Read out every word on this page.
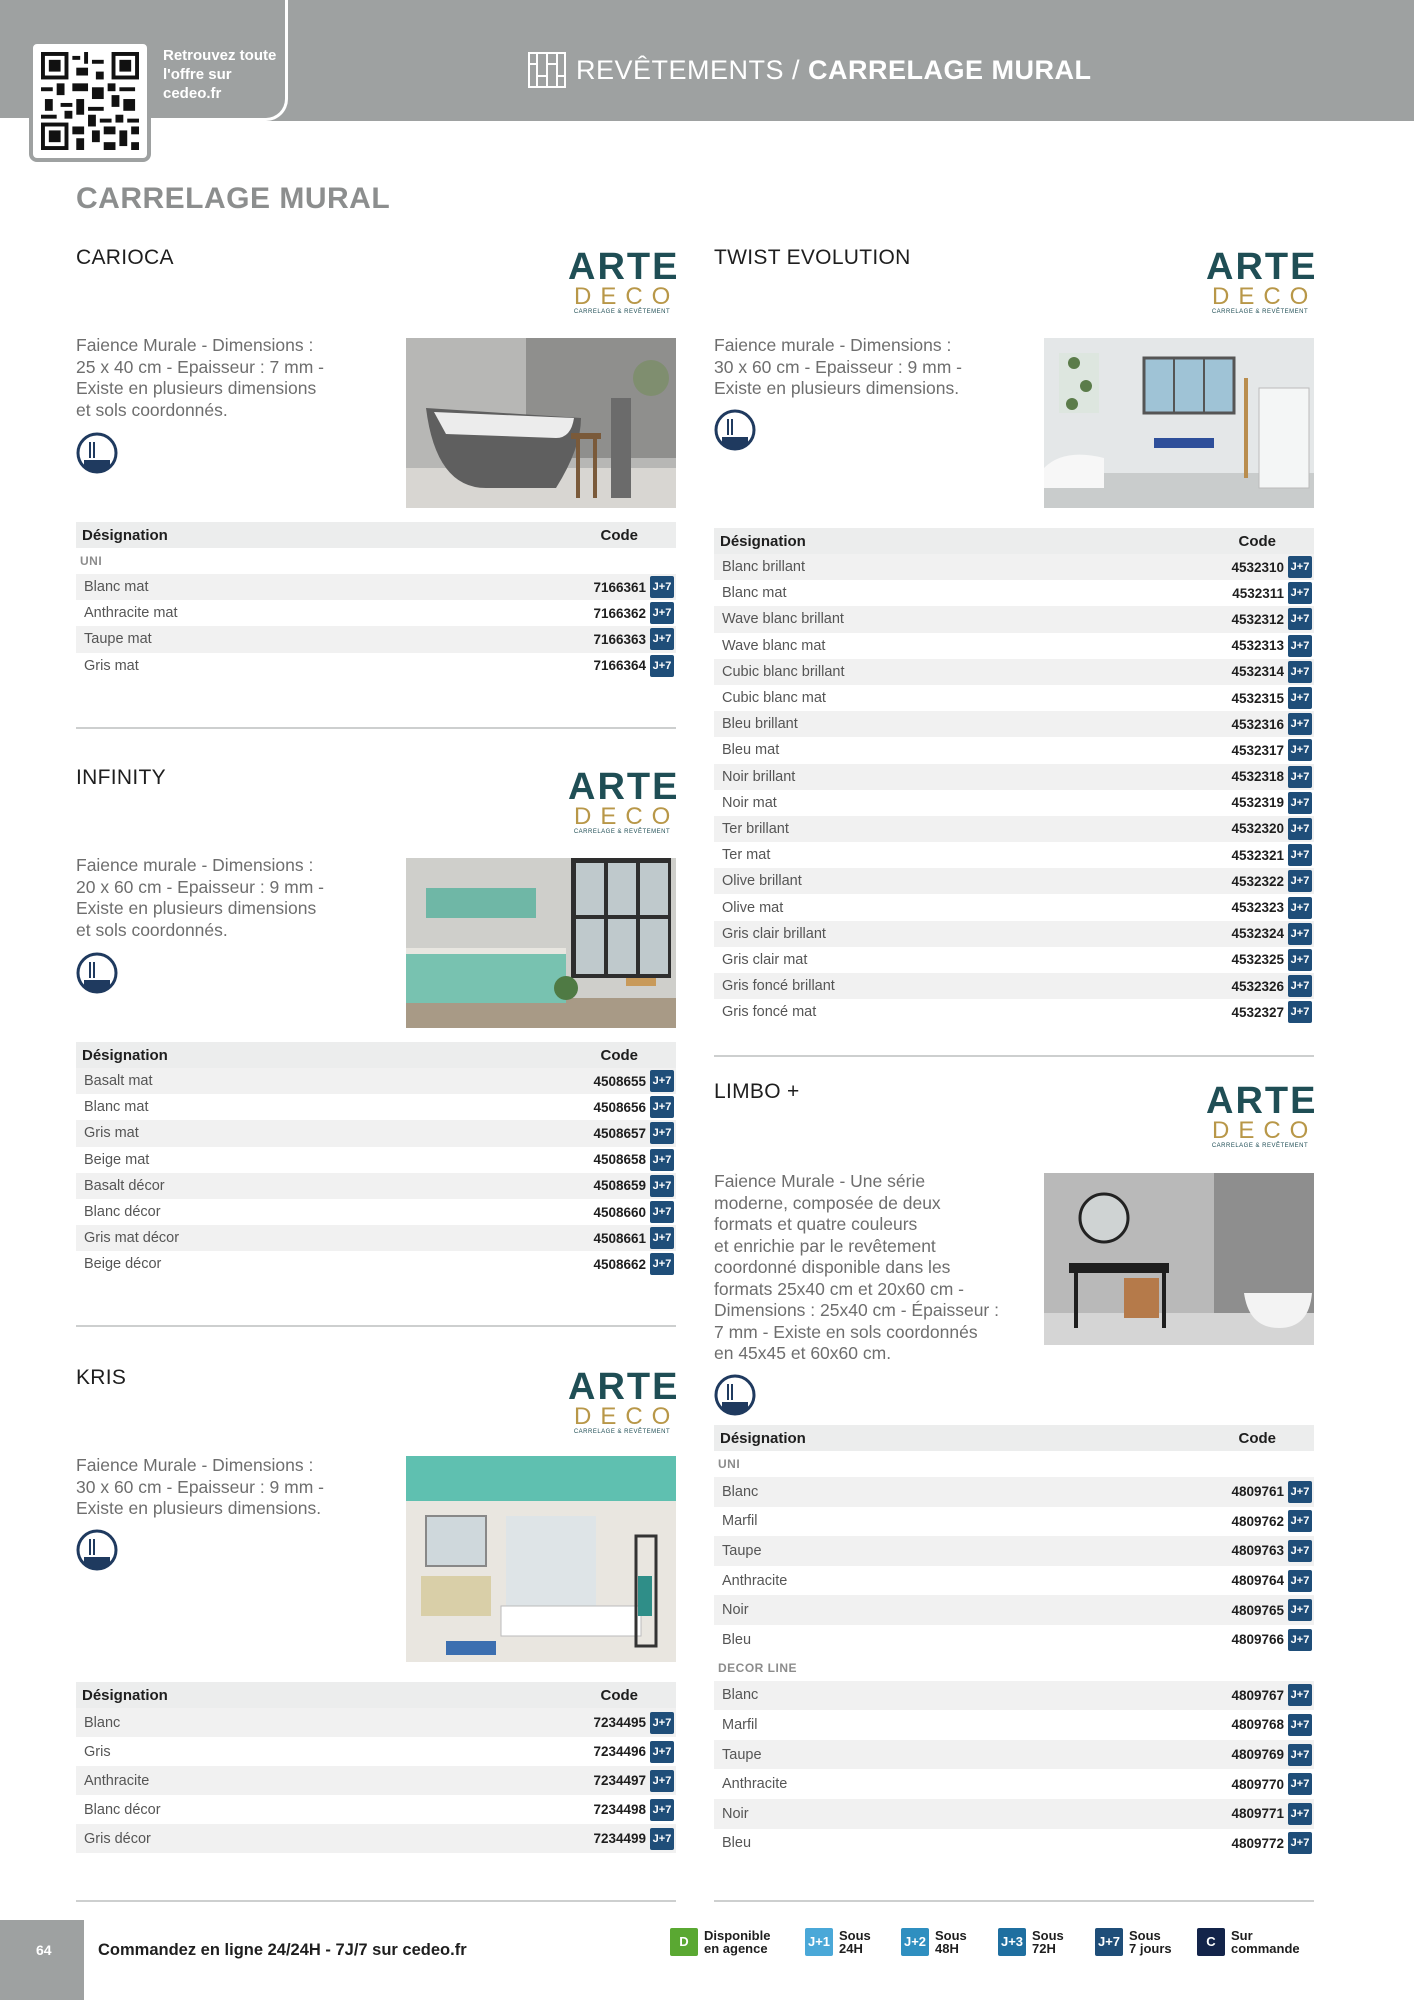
Retrouvez toute l'offre sur cedeo.fr
REVÊTEMENTS / CARRELAGE MURAL
CARRELAGE MURAL
CARIOCA	ARTE
DECO
CARRELAGE & REVÊTEMENT
Faience Murale - Dimensions :
25 x 40 cm - Epaisseur : 7 mm -
Existe en plusieurs dimensions
et sols coordonnés.
Désignation	Code	
UNI		
Blanc mat	7166361	J+7
Anthracite mat	7166362	J+7
Taupe mat	7166363	J+7
Gris mat	7166364	J+7
INFINITY	ARTE
DECO
CARRELAGE & REVÊTEMENT
Faience murale - Dimensions :
20 x 60 cm - Epaisseur : 9 mm -
Existe en plusieurs dimensions
et sols coordonnés.
Désignation	Code	
Basalt mat	4508655	J+7
Blanc mat	4508656	J+7
Gris mat	4508657	J+7
Beige mat	4508658	J+7
Basalt décor	4508659	J+7
Blanc décor	4508660	J+7
Gris mat décor	4508661	J+7
Beige décor	4508662	J+7
KRIS	ARTE
DECO
CARRELAGE & REVÊTEMENT
Faience Murale - Dimensions :
30 x 60 cm - Epaisseur : 9 mm -
Existe en plusieurs dimensions.
Désignation	Code	
Blanc	7234495	J+7
Gris	7234496	J+7
Anthracite	7234497	J+7
Blanc décor	7234498	J+7
Gris décor	7234499	J+7
TWIST EVOLUTION	ARTE
DECO
CARRELAGE & REVÊTEMENT
Faience murale - Dimensions :
30 x 60 cm - Epaisseur : 9 mm -
Existe en plusieurs dimensions.
Désignation	Code	
Blanc brillant	4532310	J+7
Blanc mat	4532311	J+7
Wave blanc brillant	4532312	J+7
Wave blanc mat	4532313	J+7
Cubic blanc brillant	4532314	J+7
Cubic blanc mat	4532315	J+7
Bleu brillant	4532316	J+7
Bleu mat	4532317	J+7
Noir brillant	4532318	J+7
Noir mat	4532319	J+7
Ter brillant	4532320	J+7
Ter mat	4532321	J+7
Olive brillant	4532322	J+7
Olive mat	4532323	J+7
Gris clair brillant	4532324	J+7
Gris clair mat	4532325	J+7
Gris foncé brillant	4532326	J+7
Gris foncé mat	4532327	J+7
LIMBO +	ARTE
DECO
CARRELAGE & REVÊTEMENT
Faience Murale - Une série
moderne, composée de deux
formats et quatre couleurs
et enrichie par le revêtement
coordonné disponible dans les
formats 25x40 cm et 20x60 cm -
Dimensions : 25x40 cm - Épaisseur :
7 mm - Existe en sols coordonnés
en 45x45 et 60x60 cm.
Désignation	Code	
UNI		
Blanc	4809761	J+7
Marfil	4809762	J+7
Taupe	4809763	J+7
Anthracite	4809764	J+7
Noir	4809765	J+7
Bleu	4809766	J+7
DECOR LINE		
Blanc	4809767	J+7
Marfil	4809768	J+7
Taupe	4809769	J+7
Anthracite	4809770	J+7
Noir	4809771	J+7
Bleu	4809772	J+7
64	Commandez en ligne 24/24H - 7J/7 sur cedeo.fr	D	Disponible
en agence	J+1 Sous
24H	J+2 Sous
48H	J+3 Sous
72H	J+7 Sous
7 jours	C	Sur
commande
